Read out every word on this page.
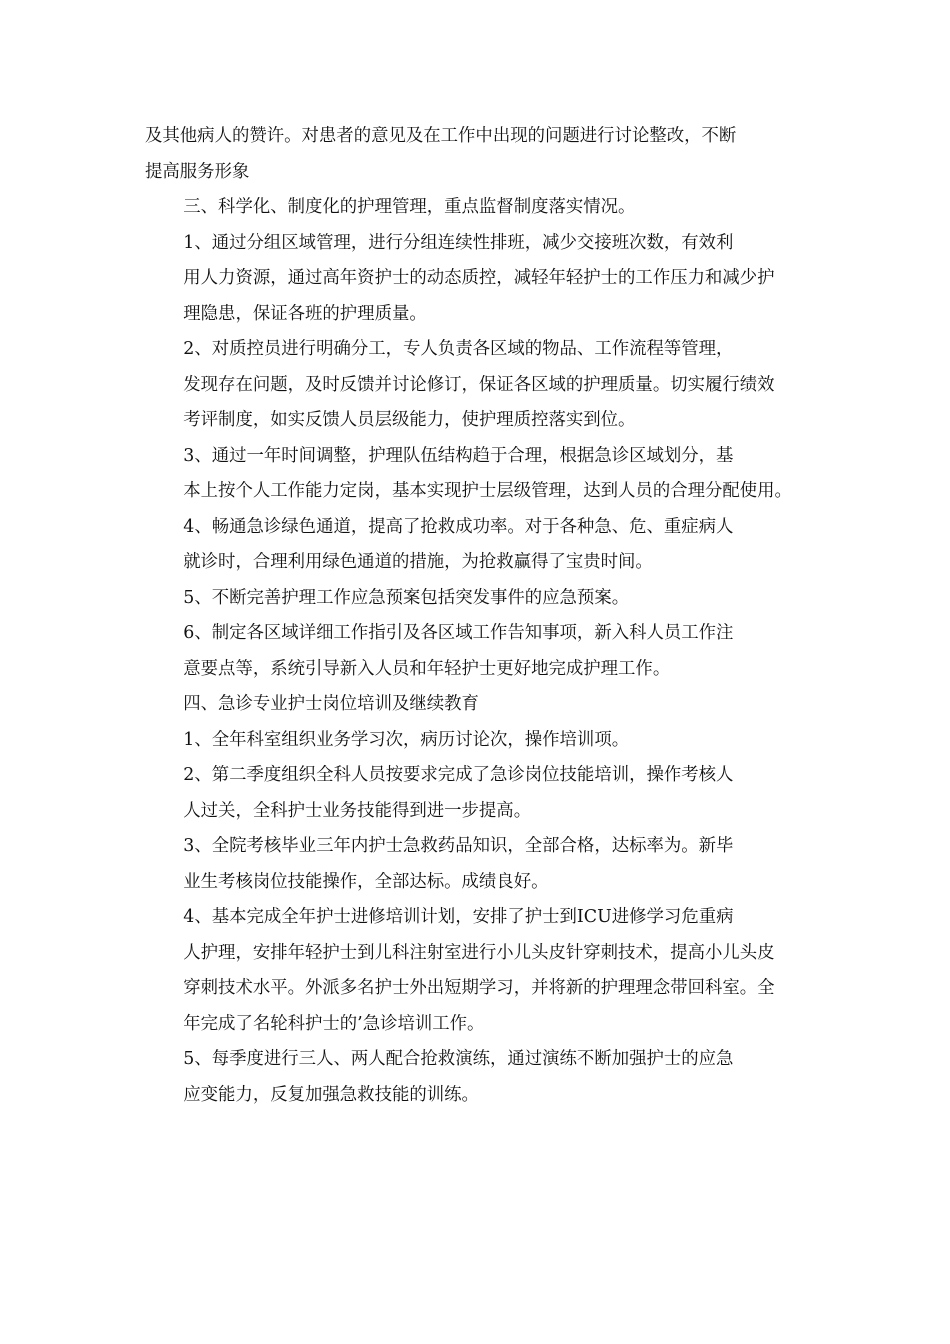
及其他病人的赞许。对患者的意见及在工作中出现的问题进行讨论整改，不断
提高服务形象

三、科学化、制度化的护理管理，重点监督制度落实情况。

1、通过分组区域管理，进行分组连续性排班，减少交接班次数，有效利
用人力资源，通过高年资护士的动态质控，减轻年轻护士的工作压力和减少护
理隐患，保证各班的护理质量。

2、对质控员进行明确分工，专人负责各区域的物品、工作流程等管理，
发现存在问题，及时反馈并讨论修订，保证各区域的护理质量。切实履行绩效
考评制度，如实反馈人员层级能力，使护理质控落实到位。

3、通过一年时间调整，护理队伍结构趋于合理，根据急诊区域划分，基
本上按个人工作能力定岗，基本实现护士层级管理，达到人员的合理分配使用。

4、畅通急诊绿色通道，提高了抢救成功率。对于各种急、危、重症病人
就诊时，合理利用绿色通道的措施，为抢救赢得了宝贵时间。

5、不断完善护理工作应急预案包括突发事件的应急预案。

6、制定各区域详细工作指引及各区域工作告知事项，新入科人员工作注
意要点等，系统引导新入人员和年轻护士更好地完成护理工作。

四、急诊专业护士岗位培训及继续教育

1、全年科室组织业务学习次，病历讨论次，操作培训项。

2、第二季度组织全科人员按要求完成了急诊岗位技能培训，操作考核人
人过关，全科护士业务技能得到进一步提高。

3、全院考核毕业三年内护士急救药品知识，全部合格，达标率为。新毕
业生考核岗位技能操作，全部达标。成绩良好。

4、基本完成全年护士进修培训计划，安排了护士到ICU进修学习危重病
人护理，安排年轻护士到儿科注射室进行小儿头皮针穿刺技术，提高小儿头皮
穿刺技术水平。外派多名护士外出短期学习，并将新的护理理念带回科室。全
年完成了名轮科护士的’急诊培训工作。

5、每季度进行三人、两人配合抢救演练，通过演练不断加强护士的应急
应变能力，反复加强急救技能的训练。
